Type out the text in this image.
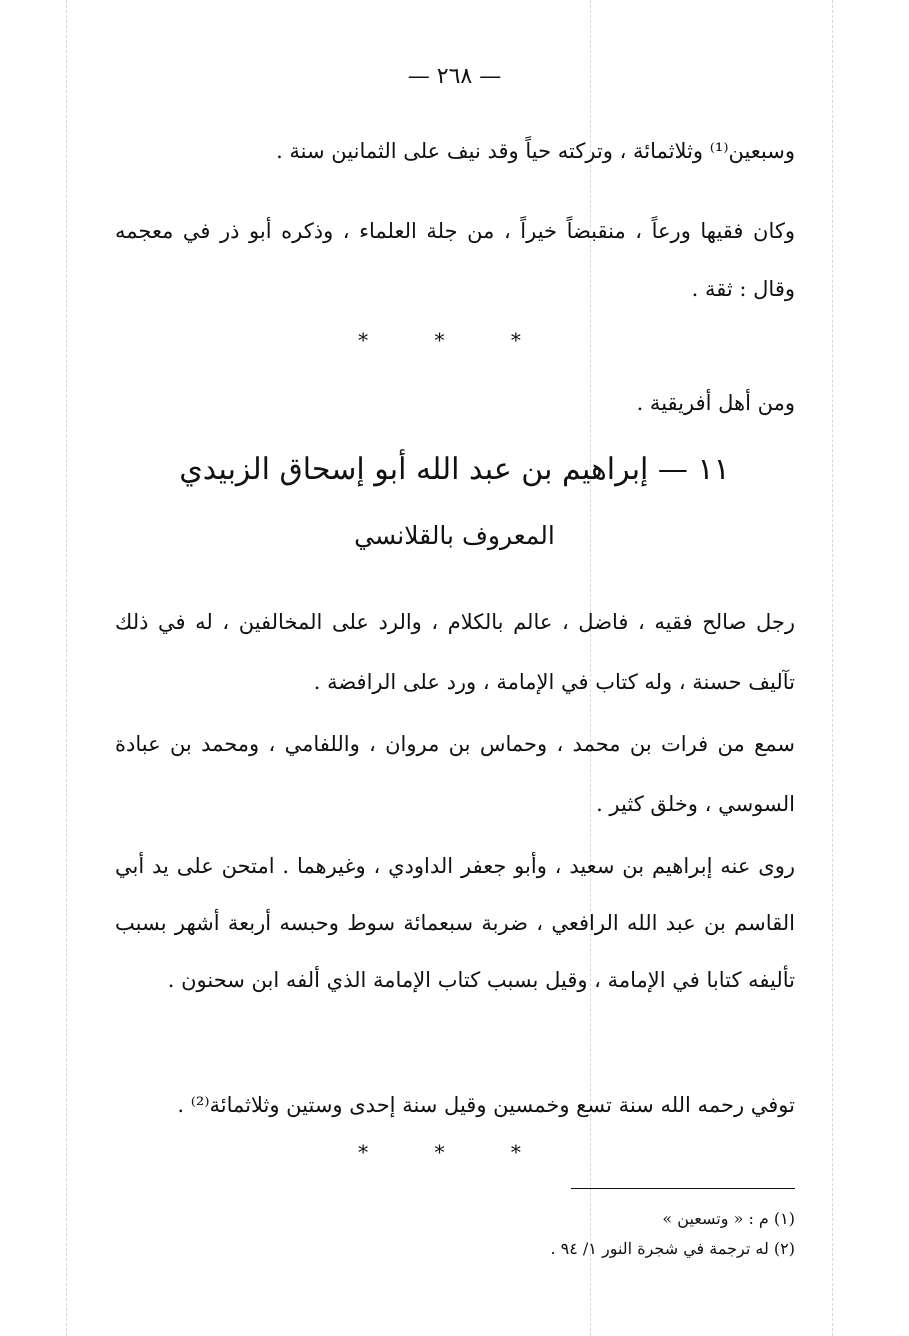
— ٢٦٨ —
وسبعين⁽¹⁾ وثلاثمائة ، وتركته حياً وقد نيف على الثمانين سنة .
وكان فقيها ورعاً ، منقبضاً خيراً ، من جلة العلماء ، وذكره أبو ذر في معجمه وقال : ثقة .
* * *
ومن أهل أفريقية .
١١ — إبراهيم بن عبد الله أبو إسحاق الزبيدي
المعروف بالقلانسي
رجل صالح فقيه ، فاضل ، عالم بالكلام ، والرد على المخالفين ، له في ذلك تآليف حسنة ، وله كتاب في الإمامة ، ورد على الرافضة .
سمع من فرات بن محمد ، وحماس بن مروان ، واللفامي ، ومحمد بن عبادة السوسي ، وخلق كثير .
روى عنه إبراهيم بن سعيد ، وأبو جعفر الداودي ، وغيرهما . امتحن على يد أبي القاسم بن عبد الله الرافعي ، ضربة سبعمائة سوط وحبسه أربعة أشهر بسبب تأليفه كتابا في الإمامة ، وقيل بسبب كتاب الإمامة الذي ألفه ابن سحنون .
توفي رحمه الله سنة تسع وخمسين وقيل سنة إحدى وستين وثلاثمائة⁽²⁾ .
* * *
(١) م : « وتسعين »
(٢) له ترجمة في شجرة النور ١/ ٩٤ .
